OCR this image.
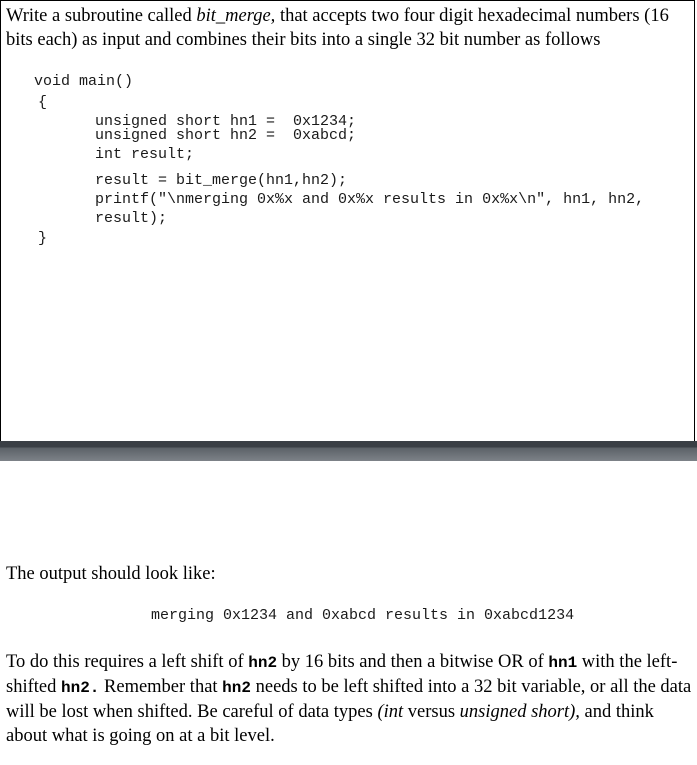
Write a subroutine called bit_merge, that accepts two four digit hexadecimal numbers (16 bits each) as input and combines their bits into a single 32 bit number as follows

void main()
{
unsigned short hn1 =  0x1234;
unsigned short hn2 =  0xabcd;
int result;
result = bit_merge(hn1,hn2);
printf("\nmerging 0x%x and 0x%x results in 0x%x\n", hn1, hn2,
result);
}

The output should look like:

merging 0x1234 and 0xabcd results in 0xabcd1234

To do this requires a left shift of hn2 by 16 bits and then a bitwise OR of hn1 with the left-shifted hn2. Remember that hn2 needs to be left shifted into a 32 bit variable, or all the data will be lost when shifted. Be careful of data types (int versus unsigned short), and think about what is going on at a bit level.
